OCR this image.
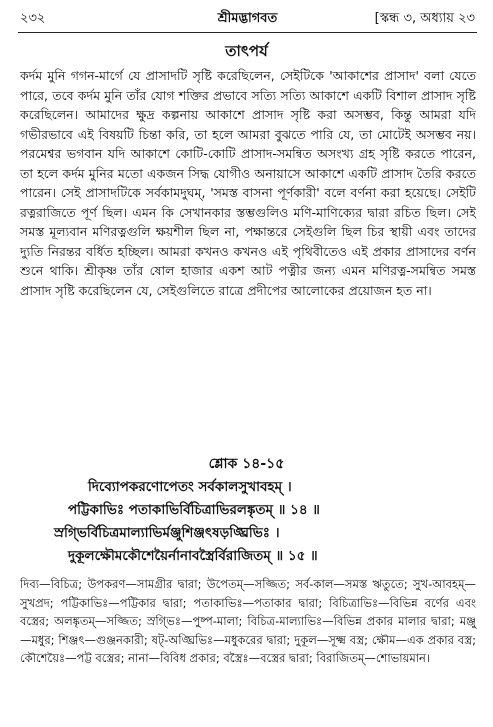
২৩২	শ্রীমদ্ভাগবত	[স্কন্ধ ৩, অধ্যায় ২৩
তাৎপর্য

কর্দম মুনি গগন-মার্গে যে প্রাসাদটি সৃষ্টি করেছিলেন, সেইটিকে 'আকাশের প্রাসাদ' বলা যেতে পারে, তবে কর্দম মুনি তাঁর যোগ শক্তির প্রভাবে সত্যি সত্যি আকাশে একটি বিশাল প্রাসাদ সৃষ্টি করেছিলেন। আমাদের ক্ষুদ্র কল্পনায় আকাশে প্রাসাদ সৃষ্টি করা অসম্ভব, কিন্তু আমরা যদি গভীরভাবে এই বিষয়টি চিন্তা করি, তা হলে আমরা বুঝতে পারি যে, তা মোটেই অসম্ভব নয়। পরমেশ্বর ভগবান যদি আকাশে কোটি-কোটি প্রাসাদ-সমন্বিত অসংখ্য গ্রহ সৃষ্টি করতে পারেন, তা হলে কর্দম মুনির মতো একজন সিদ্ধ যোগীও অনায়াসে আকাশে একটি প্রাসাদ তৈরি করতে পারেন। সেই প্রাসাদটিকে সর্বকামদুঘম্, 'সমস্ত বাসনা পূর্ণকারী' বলে বর্ণনা করা হয়েছে। সেইটি রত্নরাজিতে পূর্ণ ছিল। এমন কি সেখানকার স্তম্ভগুলিও মণি-মাণিক্যের দ্বারা রচিত ছিল। সেই সমস্ত মূল্যবান মণিরত্নগুলি ক্ষয়শীল ছিল না, পক্ষান্তরে সেইগুলি ছিল চির স্থায়ী এবং তাদের দ্যুতি নিরন্তর বর্ধিত হচ্ছিল। আমরা কখনও কখনও এই পৃথিবীতেও এই প্রকার প্রাসাদের বর্ণন শুনে থাকি। শ্রীকৃষ্ণ তাঁর ষোল হাজার একশ আট পত্নীর জন্য এমন মণিরত্ন-সমন্বিত সমস্ত প্রাসাদ সৃষ্টি করেছিলেন যে, সেইগুলিতে রাত্রে প্রদীপের আলোকের প্রয়োজন হত না।

শ্লোক ১৪-১৫
দিব্যোপকরণোপেতং সর্বকালসুখাবহম্ ।
পট্টিকাভিঃ পতাকাভির্বিচিত্রাভিরলঙ্কৃতম্ ॥ ১৪ ॥
স্রগ্ভির্বিচিত্রমাল্যাভির্মঞ্জুশিঞ্জৎষড়ঙ্ঘ্রিভিঃ ।
দুকূলক্ষৌমকৌশেয়ৈর্নানাবস্ত্রৈর্বিরাজিতম্ ॥ ১৫ ॥

দিব্য—বিচিত্র; উপকরণ—সামগ্রীর দ্বারা; উপেতম্—সজ্জিত; সর্ব-কাল—সমস্ত ঋতুতে; সুখ-আবহম্—সুখপ্রদ; পট্টিকাভিঃ—পট্টিকার দ্বারা; পতাকাভিঃ—পতাকার দ্বারা; বিচিত্রাভিঃ—বিভিন্ন বর্ণের এবং বস্ত্রের; অলঙ্কৃতম্—সজ্জিত; স্রগ্ভিঃ—পুষ্প-মালা; বিচিত্র-মাল্যাভিঃ—বিভিন্ন প্রকার মালার দ্বারা; মঞ্জু—মধুর; শিঞ্জৎ—গুঞ্জনকারী; ষট্-অঙ্ঘ্রিভিঃ—মধুকরের দ্বারা; দুকূল—সূক্ষ্ম বস্ত্র; ক্ষৌম—এক প্রকার বস্ত্র; কৌশেয়ৈঃ—পট্ট বস্ত্রের; নানা—বিবিধ প্রকার; বস্ত্রৈঃ—বস্ত্রের দ্বারা; বিরাজিতম্—শোভায়মান।
